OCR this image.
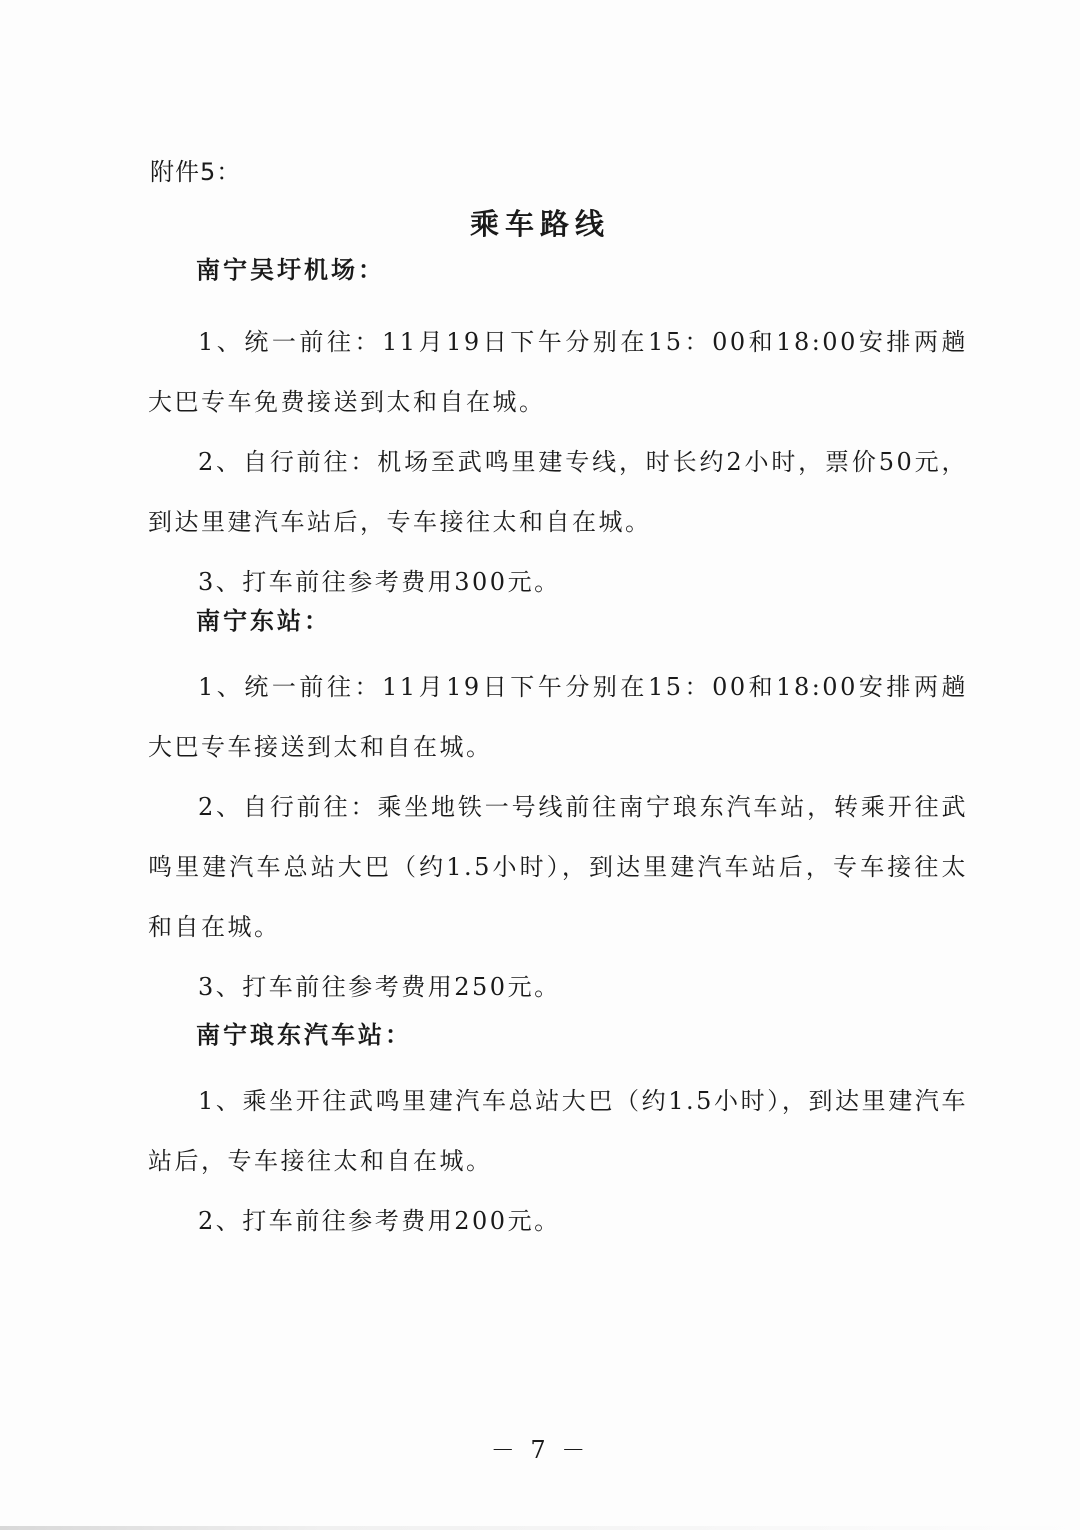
附件5：
乘车路线
南宁吴圩机场：

1、统一前往：11月19日下午分别在15：00和18:00安排两趟大巴专车免费接送到太和自在城。

2、自行前往：机场至武鸣里建专线，时长约2小时，票价50元，到达里建汽车站后，专车接往太和自在城。

3、打车前往参考费用300元。

南宁东站：

1、统一前往：11月19日下午分别在15：00和18:00安排两趟大巴专车接送到太和自在城。

2、自行前往：乘坐地铁一号线前往南宁琅东汽车站，转乘开往武鸣里建汽车总站大巴（约1.5小时），到达里建汽车站后，专车接往太和自在城。

3、打车前往参考费用250元。

南宁琅东汽车站：

1、乘坐开往武鸣里建汽车总站大巴（约1.5小时），到达里建汽车站后，专车接往太和自在城。

2、打车前往参考费用200元。

－ 7 －
